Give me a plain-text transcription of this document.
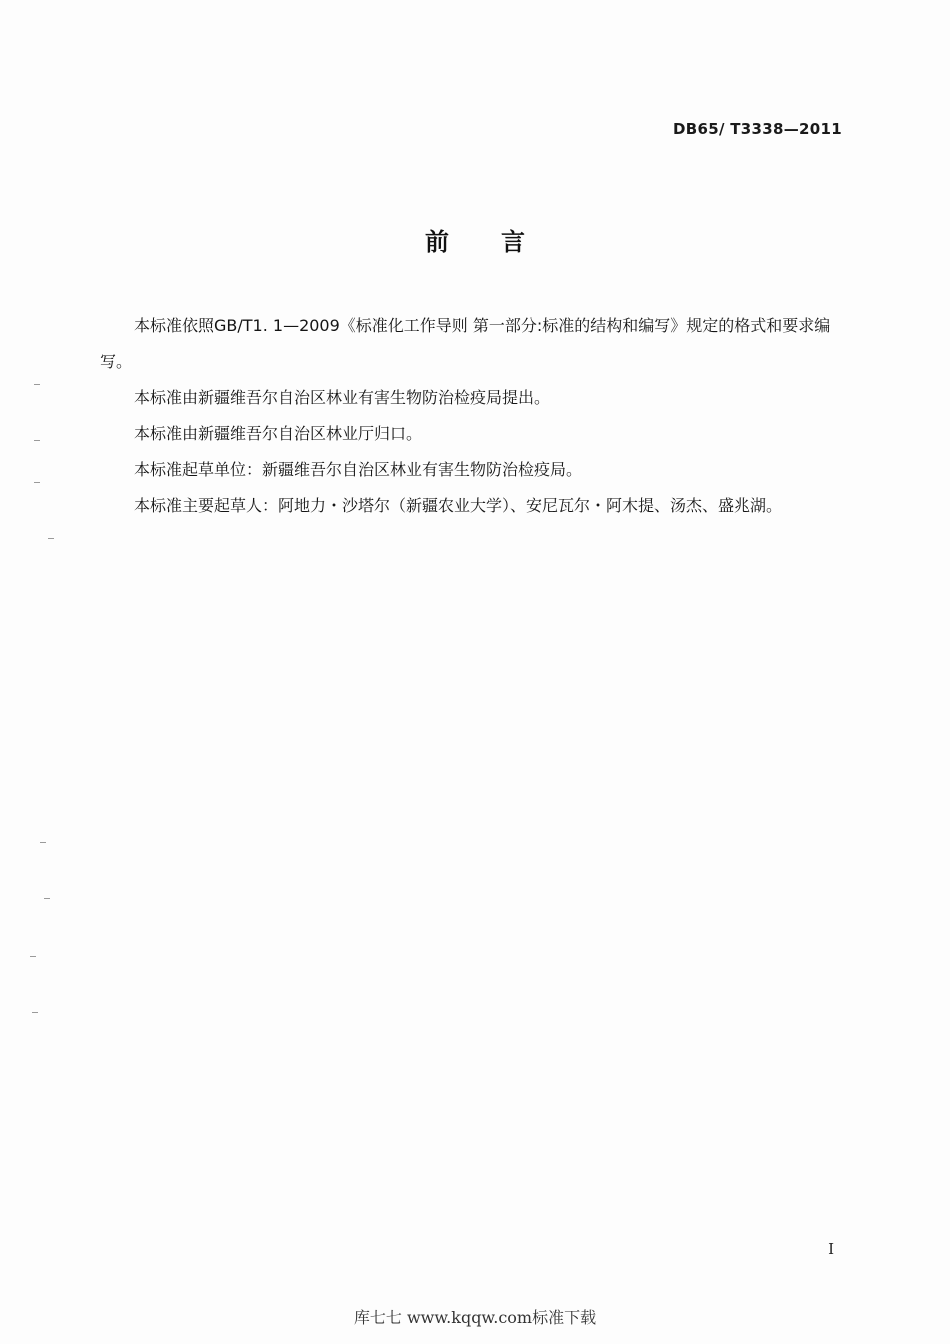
DB65/ T3338—2011
前言

本标准依照GB/T1. 1—2009《标准化工作导则 第一部分:标准的结构和编写》规定的格式和要求编写。

本标准由新疆维吾尔自治区林业有害生物防治检疫局提出。

本标准由新疆维吾尔自治区林业厅归口。

本标准起草单位：新疆维吾尔自治区林业有害生物防治检疫局。

本标准主要起草人：阿地力・沙塔尔（新疆农业大学）、安尼瓦尔・阿木提、汤杰、盛兆湖。

I
库七七 www.kqqw.com标准下载
